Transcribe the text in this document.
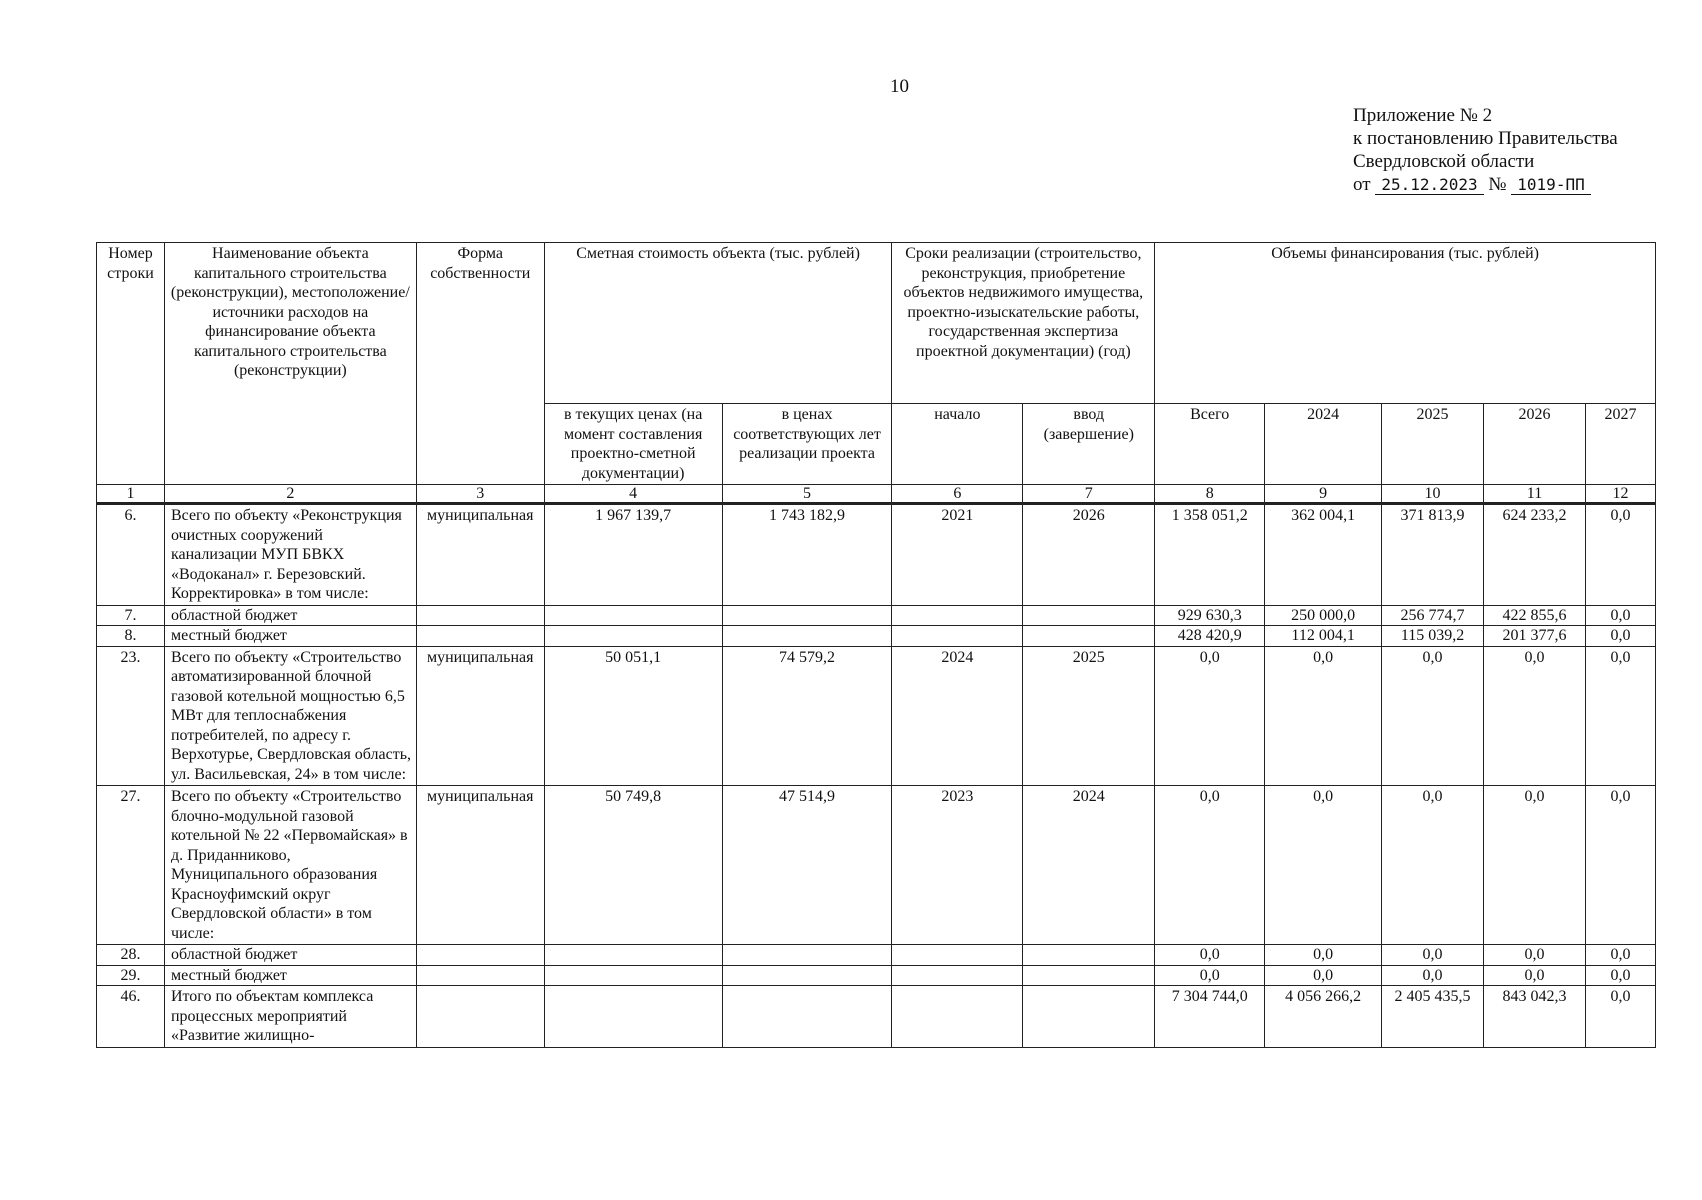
10
Приложение № 2
к постановлению Правительства
Свердловской области
от 25.12.2023 № 1019-ПП
Номер строки	Наименование объекта капитального строительства (реконструкции), местоположение/ источники расходов на финансирование объекта капитального строительства (реконструкции)	Форма собственности	Сметная стоимость объекта (тыс. рублей)		Сроки реализации (строительство, реконструкция, приобретение объектов недвижимого имущества, проектно-изыскательские работы, государственная экспертиза проектной документации) (год)		Объемы финансирования (тыс. рублей)				
			в текущих ценах (на момент составления проектно-сметной документации)	в ценах соответствующих лет реализации проекта	начало	ввод (завершение)	Всего	2024	2025	2026	2027
1	2	3	4	5	6	7	8	9	10	11	12
6.	Всего по объекту «Реконструкция очистных сооружений канализации МУП БВКХ «Водоканал» г. Березовский. Корректировка» в том числе:	муниципальная	1 967 139,7	1 743 182,9	2021	2026	1 358 051,2	362 004,1	371 813,9	624 233,2	0,0
7.	областной бюджет						929 630,3	250 000,0	256 774,7	422 855,6	0,0
8.	местный бюджет						428 420,9	112 004,1	115 039,2	201 377,6	0,0
23.	Всего по объекту «Строительство автоматизированной блочной газовой котельной мощностью 6,5 МВт для теплоснабжения потребителей, по адресу г. Верхотурье, Свердловская область, ул. Васильевская, 24» в том числе:	муниципальная	50 051,1	74 579,2	2024	2025	0,0	0,0	0,0	0,0	0,0
27.	Всего по объекту «Строительство блочно-модульной газовой котельной № 22 «Первомайская» в д. Приданниково, Муниципального образования Красноуфимский округ Свердловской области» в том числе:	муниципальная	50 749,8	47 514,9	2023	2024	0,0	0,0	0,0	0,0	0,0
28.	областной бюджет						0,0	0,0	0,0	0,0	0,0
29.	местный бюджет						0,0	0,0	0,0	0,0	0,0
46.	Итого по объектам комплекса процессных мероприятий «Развитие жилищно-						7 304 744,0	4 056 266,2	2 405 435,5	843 042,3	0,0
